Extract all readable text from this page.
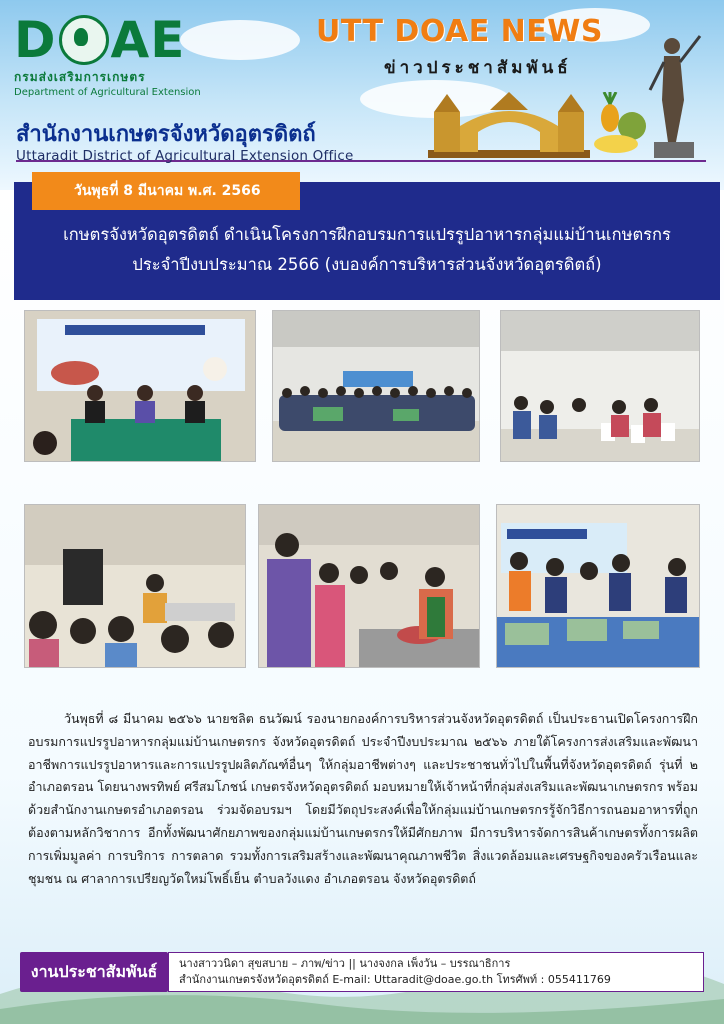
D AE
กรมส่งเสริมการเกษตร
Department of Agricultural Extension
UTT DOAE NEWS
ข่าวประชาสัมพันธ์
สำนักงานเกษตรจังหวัดอุตรดิตถ์
Uttaradit District of Agricultural Extension Office
วันพุธที่ 8 มีนาคม พ.ศ. 2566
เกษตรจังหวัดอุตรดิตถ์ ดำเนินโครงการฝึกอบรมการแปรรูปอาหารกลุ่มแม่บ้านเกษตรกร
ประจำปีงบประมาณ 2566 (งบองค์การบริหารส่วนจังหวัดอุตรดิตถ์)

วันพุธที่ ๘ มีนาคม ๒๕๖๖ นายชลิต ธนวัฒน์ รองนายกองค์การบริหารส่วนจังหวัดอุตรดิตถ์ เป็นประธานเปิดโครงการฝึกอบรมการแปรรูปอาหารกลุ่มแม่บ้านเกษตรกร จังหวัดอุตรดิตถ์ ประจำปีงบประมาณ ๒๕๖๖ ภายใต้โครงการส่งเสริมและพัฒนาอาชีพการแปรรูปอาหารและการแปรรูปผลิตภัณฑ์อื่นๆ ให้กลุ่มอาชีพต่างๆ และประชาชนทั่วไปในพื้นที่จังหวัดอุตรดิตถ์ รุ่นที่ ๒ อำเภอตรอน โดยนางพรทิพย์ ศรีสมโภชน์ เกษตรจังหวัดอุตรดิตถ์ มอบหมายให้เจ้าหน้าที่กลุ่มส่งเสริมและพัฒนาเกษตรกร พร้อมด้วยสำนักงานเกษตรอำเภอตรอน ร่วมจัดอบรมฯ โดยมีวัตถุประสงค์เพื่อให้กลุ่มแม่บ้านเกษตรกรรู้จักวิธีการถนอมอาหารที่ถูกต้องตามหลักวิชาการ อีกทั้งพัฒนาศักยภาพของกลุ่มแม่บ้านเกษตรกรให้มีศักยภาพ มีการบริหารจัดการสินค้าเกษตรทั้งการผลิต การเพิ่มมูลค่า การบริการ การตลาด รวมทั้งการเสริมสร้างและพัฒนาคุณภาพชีวิต สิ่งแวดล้อมและเศรษฐกิจของครัวเรือนและชุมชน ณ ศาลาการเปรียญวัดใหม่โพธิ์เย็น ตำบลวังแดง อำเภอตรอน จังหวัดอุตรดิตถ์

งานประชาสัมพันธ์	นางสาววนิดา สุขสบาย – ภาพ/ข่าว || นางจงกล เพ็งวัน – บรรณาธิการ
สำนักงานเกษตรจังหวัดอุตรดิตถ์ E-mail: Uttaradit@doae.go.th โทรศัพท์ : 055411769
